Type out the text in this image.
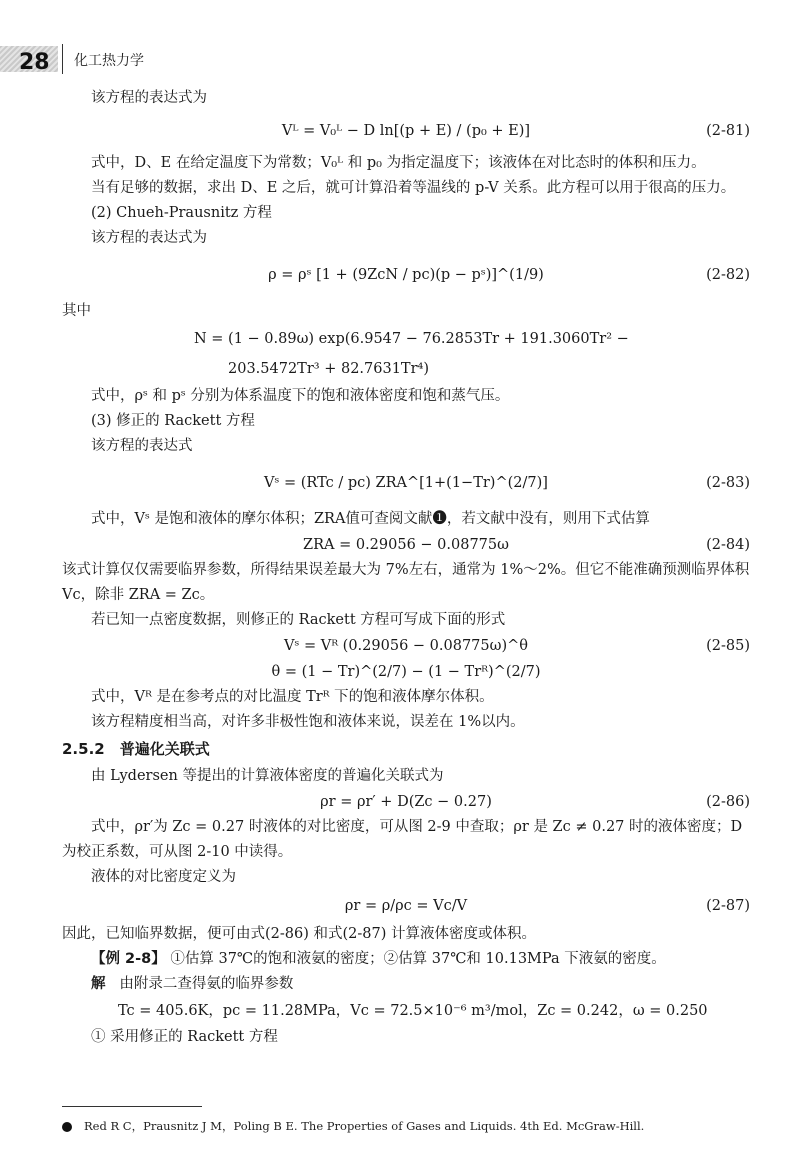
28 化工热力学

该方程的表达式为

Vᴸ = V₀ᴸ − D ln[(p + E) / (p₀ + E)]	(2-81)

式中，D、E 在给定温度下为常数；V₀ᴸ 和 p₀ 为指定温度下；该液体在对比态时的体积和压力。

当有足够的数据，求出 D、E 之后，就可计算沿着等温线的 p-V 关系。此方程可以用于很高的压力。

(2) Chueh-Prausnitz 方程

该方程的表达式为

ρ = ρˢ [1 + (9ZcN / pc)(p − pˢ)]^(1/9)	(2-82)

其中

N = (1 − 0.89ω) exp(6.9547 − 76.2853Tr + 191.3060Tr² −
203.5472Tr³ + 82.7631Tr⁴)

式中，ρˢ 和 pˢ 分别为体系温度下的饱和液体密度和饱和蒸气压。

(3) 修正的 Rackett 方程

该方程的表达式

Vˢ = (RTc / pc) ZRA^[1+(1−Tr)^(2/7)]	(2-83)

式中，Vˢ 是饱和液体的摩尔体积；ZRA值可查阅文献❶，若文献中没有，则用下式估算

ZRA = 0.29056 − 0.08775ω	(2-84)

该式计算仅仅需要临界参数，所得结果误差最大为 7%左右，通常为 1%～2%。但它不能准确预测临界体积 Vc，除非 ZRA = Zc。

若已知一点密度数据，则修正的 Rackett 方程可写成下面的形式

Vˢ = Vᴿ (0.29056 − 0.08775ω)^θ	(2-85)
θ = (1 − Tr)^(2/7) − (1 − Trᴿ)^(2/7)

式中，Vᴿ 是在参考点的对比温度 Trᴿ 下的饱和液体摩尔体积。

该方程精度相当高，对许多非极性饱和液体来说，误差在 1%以内。

2.5.2　普遍化关联式

由 Lydersen 等提出的计算液体密度的普遍化关联式为

ρr = ρr′ + D(Zc − 0.27)	(2-86)

式中，ρr′为 Zc = 0.27 时液体的对比密度，可从图 2-9 中查取；ρr 是 Zc ≠ 0.27 时的液体密度；D 为校正系数，可从图 2-10 中读得。

液体的对比密度定义为

ρr = ρ/ρc = Vc/V	(2-87)

因此，已知临界数据，便可由式(2-86) 和式(2-87) 计算液体密度或体积。

【例 2-8】 ①估算 37℃的饱和液氨的密度；②估算 37℃和 10.13MPa 下液氨的密度。

解 由附录二查得氨的临界参数

Tc = 405.6K，pc = 11.28MPa，Vc = 72.5×10⁻⁶ m³/mol，Zc = 0.242，ω = 0.250

① 采用修正的 Rackett 方程

Red R C，Prausnitz J M，Poling B E. The Properties of Gases and Liquids. 4th Ed. McGraw-Hill.
